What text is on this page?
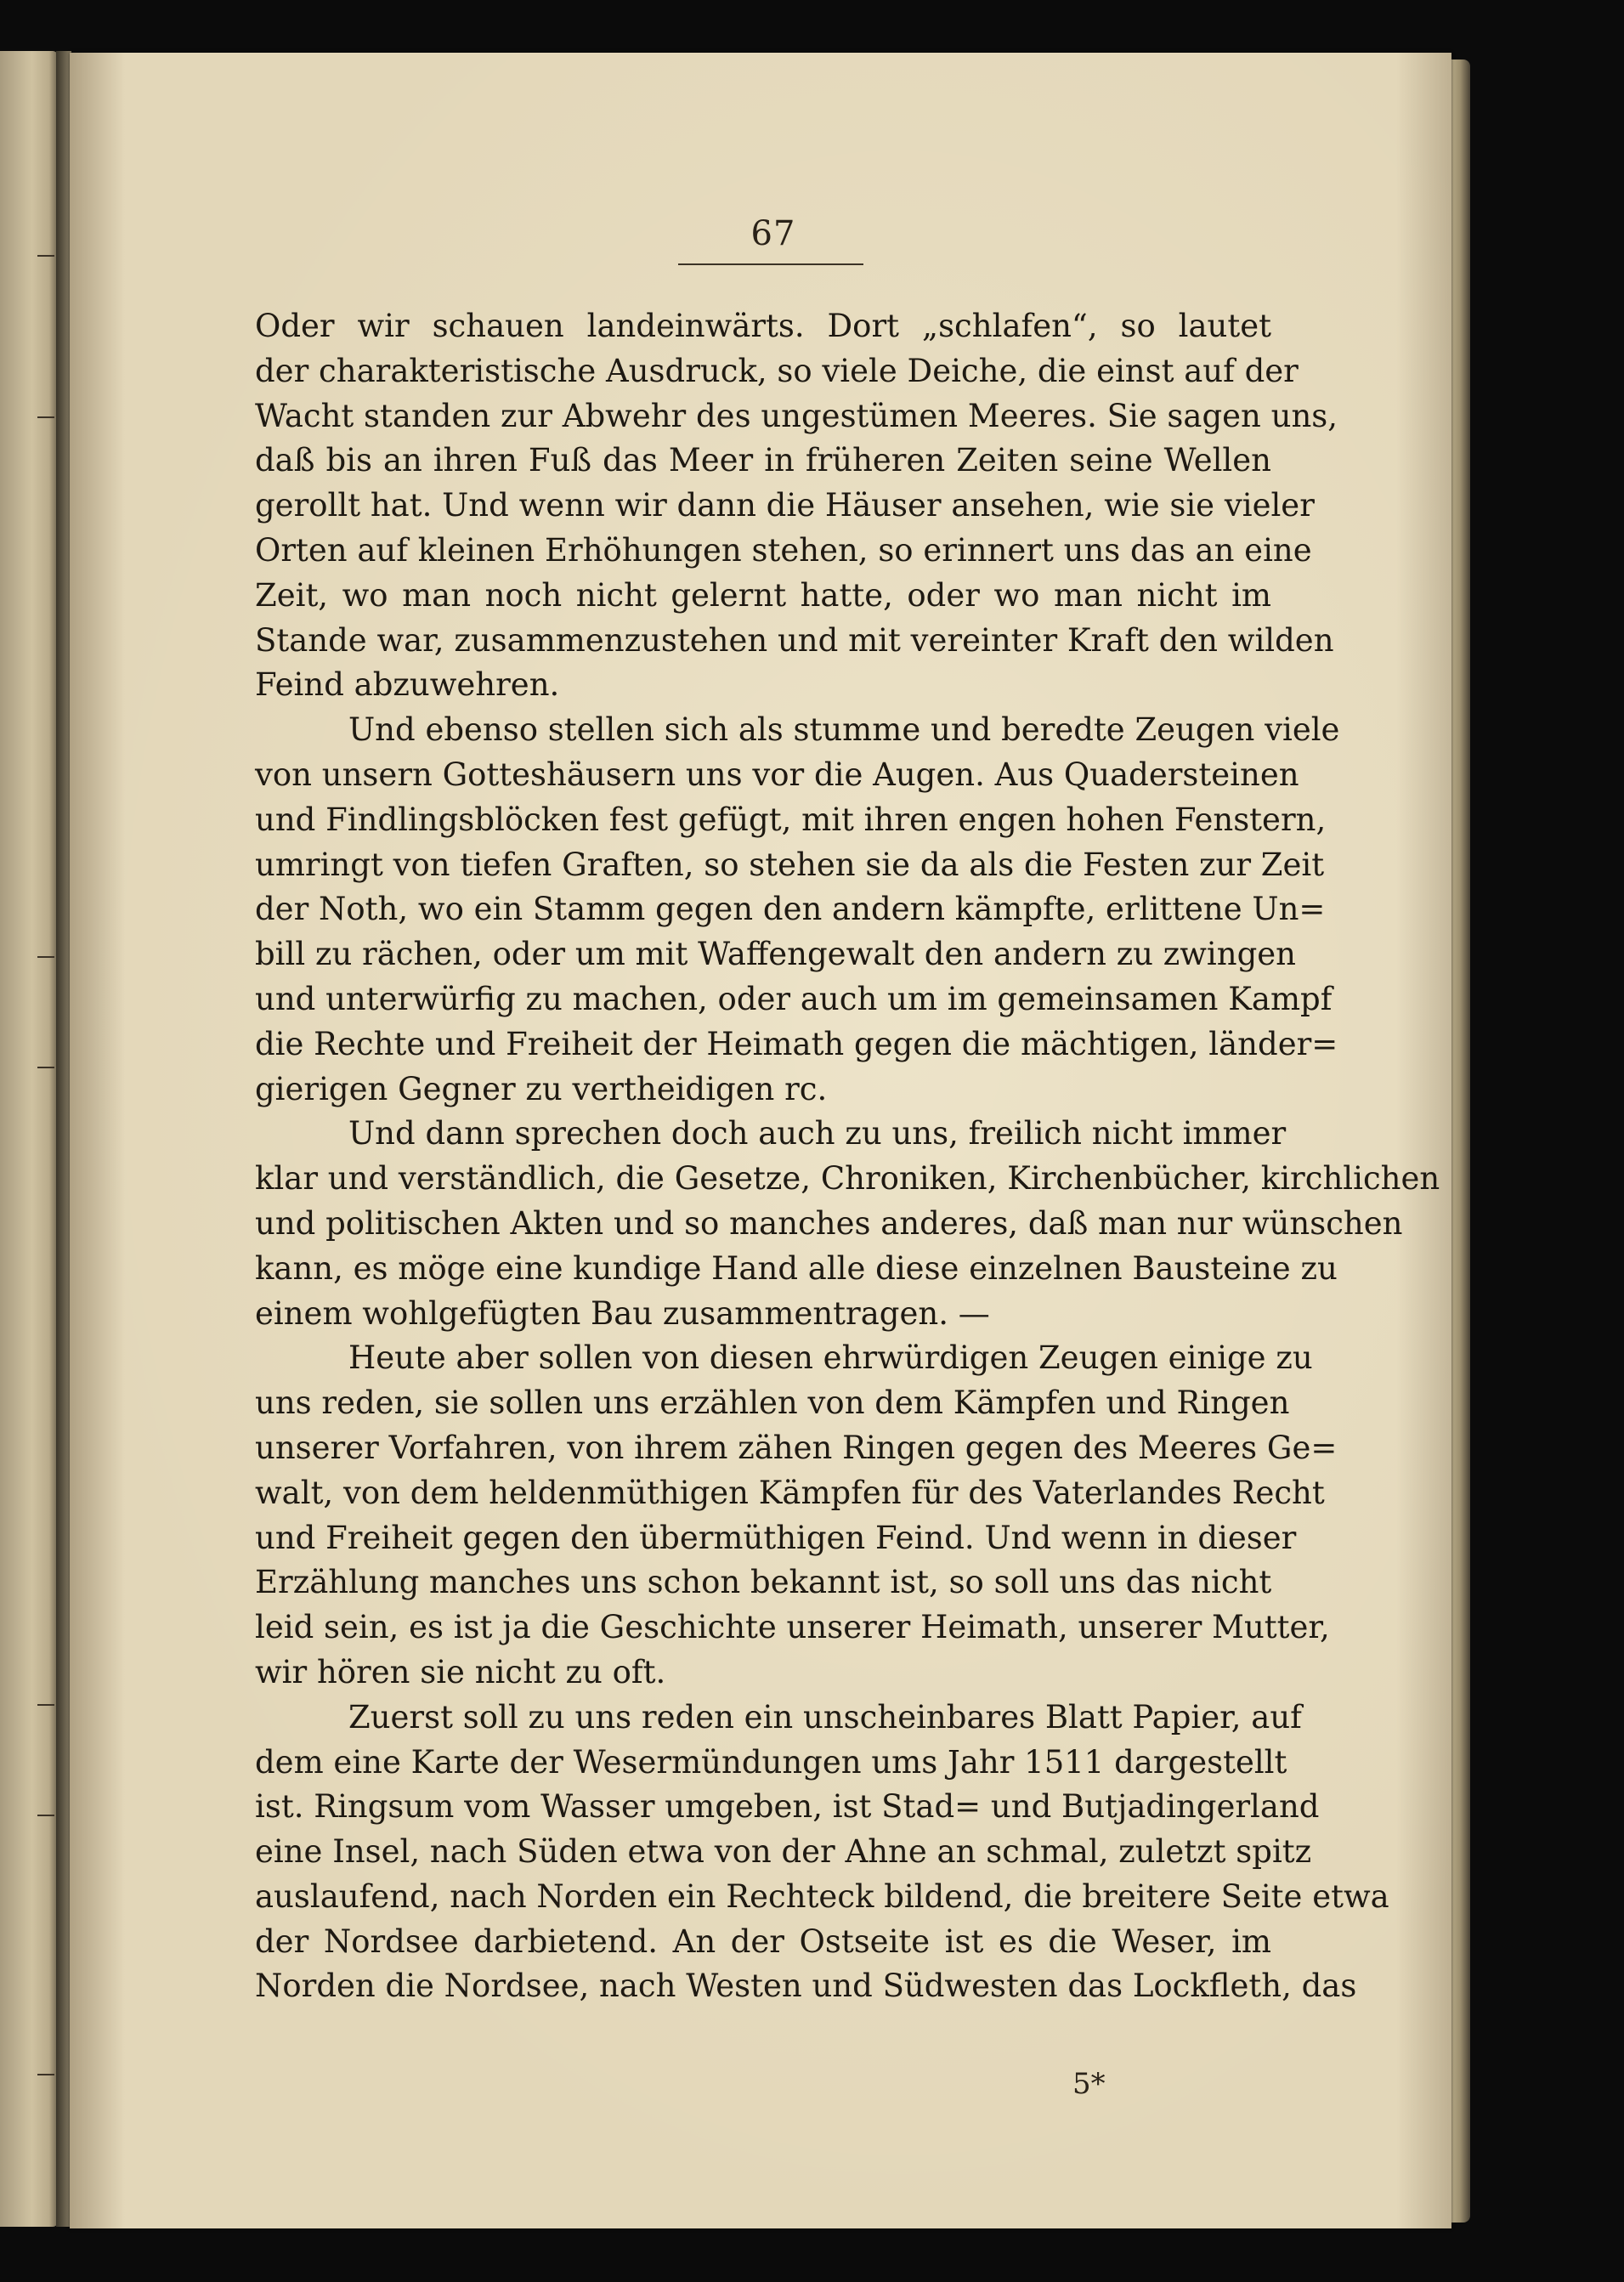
67
Oder wir schauen landeinwärts. Dort „schlafen“, so lautet
der charakteristische Ausdruck, so viele Deiche, die einst auf der
Wacht standen zur Abwehr des ungestümen Meeres. Sie sagen uns,
daß bis an ihren Fuß das Meer in früheren Zeiten seine Wellen
gerollt hat. Und wenn wir dann die Häuser ansehen, wie sie vieler
Orten auf kleinen Erhöhungen stehen, so erinnert uns das an eine
Zeit, wo man noch nicht gelernt hatte, oder wo man nicht im
Stande war, zusammenzustehen und mit vereinter Kraft den wilden
Feind abzuwehren.
Und ebenso stellen sich als stumme und beredte Zeugen viele
von unsern Gotteshäusern uns vor die Augen. Aus Quadersteinen
und Findlingsblöcken fest gefügt, mit ihren engen hohen Fenstern,
umringt von tiefen Graften, so stehen sie da als die Festen zur Zeit
der Noth, wo ein Stamm gegen den andern kämpfte, erlittene Un=
bill zu rächen, oder um mit Waffengewalt den andern zu zwingen
und unterwürfig zu machen, oder auch um im gemeinsamen Kampf
die Rechte und Freiheit der Heimath gegen die mächtigen, länder=
gierigen Gegner zu vertheidigen rc.
Und dann sprechen doch auch zu uns, freilich nicht immer
klar und verständlich, die Gesetze, Chroniken, Kirchenbücher, kirchlichen
und politischen Akten und so manches anderes, daß man nur wünschen
kann, es möge eine kundige Hand alle diese einzelnen Bausteine zu
einem wohlgefügten Bau zusammentragen. —
Heute aber sollen von diesen ehrwürdigen Zeugen einige zu
uns reden, sie sollen uns erzählen von dem Kämpfen und Ringen
unserer Vorfahren, von ihrem zähen Ringen gegen des Meeres Ge=
walt, von dem heldenmüthigen Kämpfen für des Vaterlandes Recht
und Freiheit gegen den übermüthigen Feind. Und wenn in dieser
Erzählung manches uns schon bekannt ist, so soll uns das nicht
leid sein, es ist ja die Geschichte unserer Heimath, unserer Mutter,
wir hören sie nicht zu oft.
Zuerst soll zu uns reden ein unscheinbares Blatt Papier, auf
dem eine Karte der Wesermündungen ums Jahr 1511 dargestellt
ist. Ringsum vom Wasser umgeben, ist Stad= und Butjadingerland
eine Insel, nach Süden etwa von der Ahne an schmal, zuletzt spitz
auslaufend, nach Norden ein Rechteck bildend, die breitere Seite etwa
der Nordsee darbietend. An der Ostseite ist es die Weser, im
Norden die Nordsee, nach Westen und Südwesten das Lockfleth, das
5*
